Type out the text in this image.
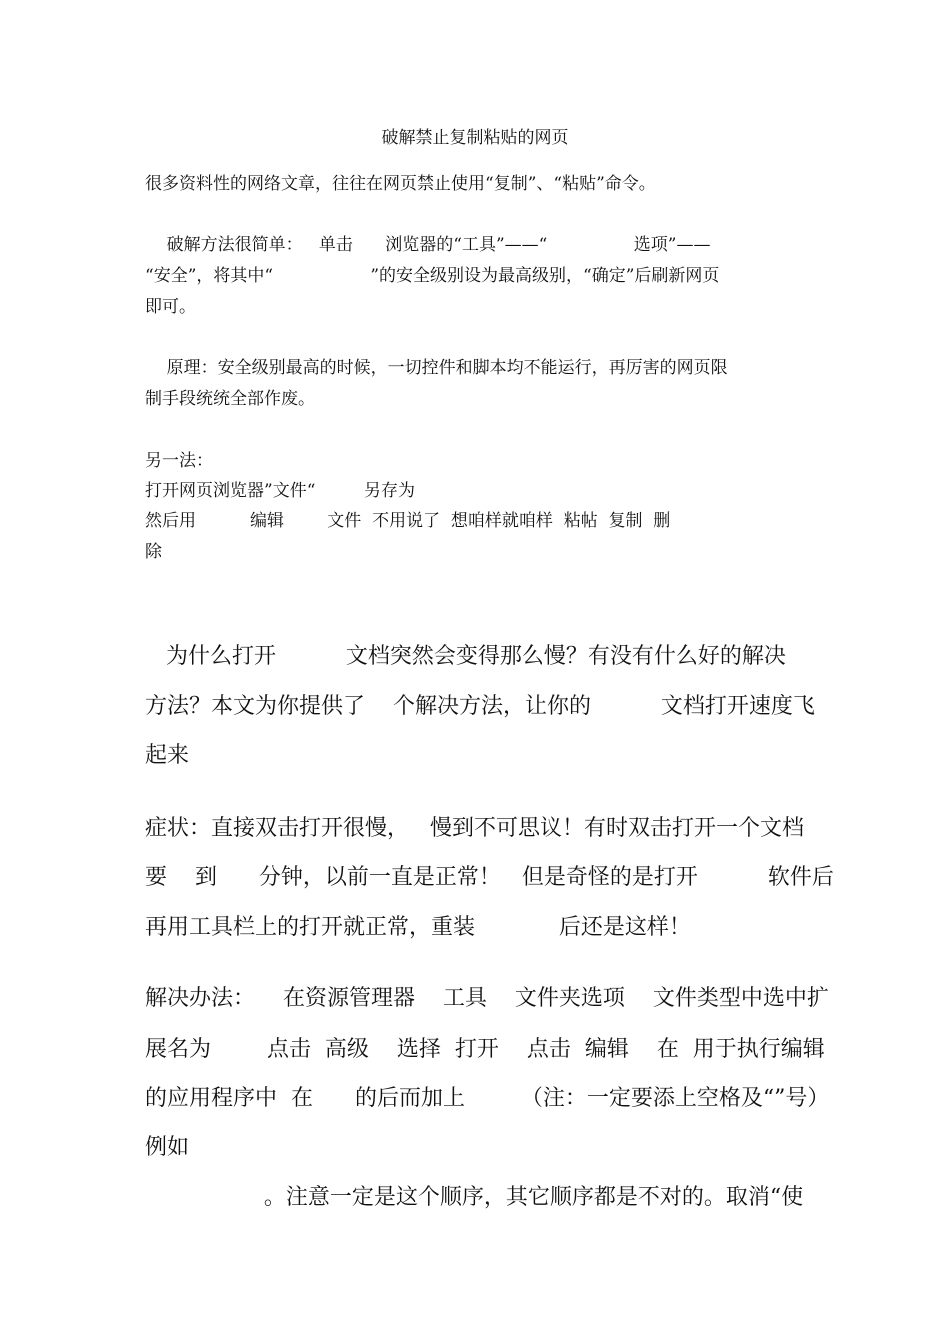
破解禁止复制粘贴的网页
很多资料性的网络文章，往往在网页禁止使用“复制”、“粘贴”命令。
破解方法很简单：   单击      浏览器的“工具”——“                选项”——
“安全”，将其中“                  ”的安全级别设为最高级别，“确定”后刷新网页
即可。
原理：安全级别最高的时候，一切控件和脚本均不能运行，再厉害的网页限
制手段统统全部作废。
另一法：
打开网页浏览器”文件“         另存为
然后用          编辑        文件  不用说了  想咱样就咱样  粘帖  复制  删
除
为什么打开          文档突然会变得那么慢？有没有什么好的解决
方法？本文为你提供了    个解决方法，让你的          文档打开速度飞
起来
症状：直接双击打开很慢，   慢到不可思议！有时双击打开一个文档
要    到      分钟，以前一直是正常！   但是奇怪的是打开          软件后
再用工具栏上的打开就正常，重装            后还是这样！
解决办法：    在资源管理器    工具    文件夹选项    文件类型中选中扩
展名为        点击  高级    选择  打开    点击  编辑    在  用于执行编辑
的应用程序中  在      的后而加上        （注：一定要添上空格及“”号）
例如
。注意一定是这个顺序，其它顺序都是不对的。取消“使
